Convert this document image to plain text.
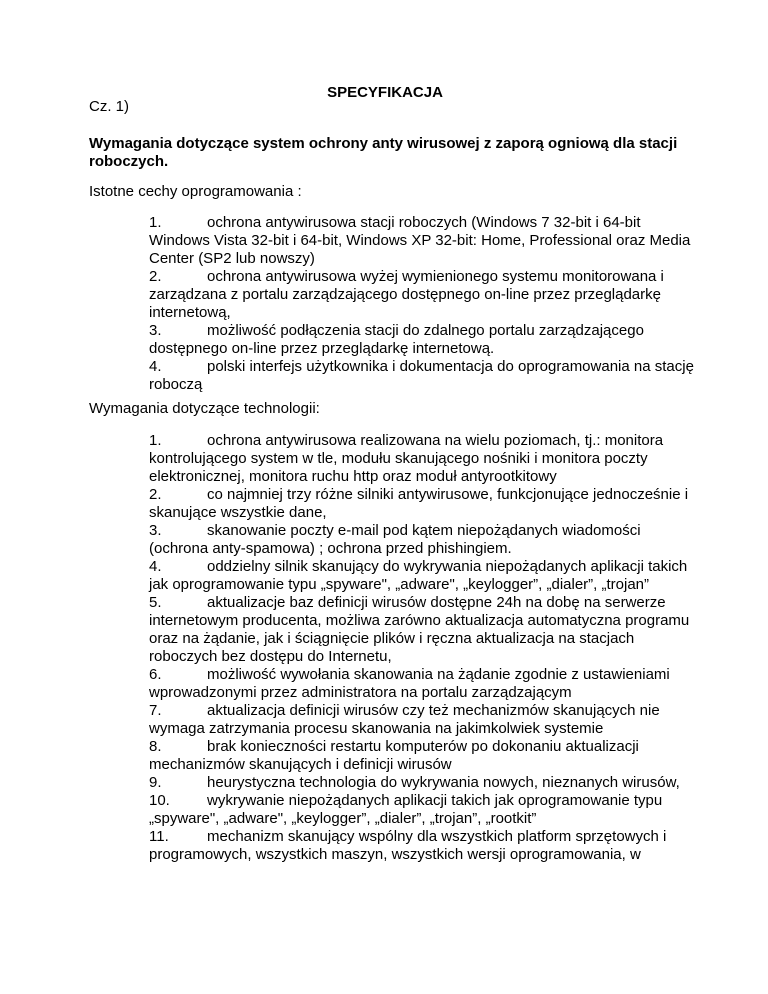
SPECYFIKACJA
Cz. 1)
Wymagania dotyczące system ochrony anty wirusowej z zaporą ogniową dla stacji roboczych.
Istotne cechy oprogramowania :

1.	ochrona antywirusowa stacji roboczych (Windows 7 32-bit i 64-bit Windows Vista 32-bit i 64-bit, Windows XP 32-bit: Home, Professional oraz Media Center (SP2 lub nowszy)

2.	ochrona antywirusowa wyżej wymienionego systemu monitorowana i zarządzana z portalu zarządzającego dostępnego on-line przez przeglądarkę internetową,

3.	możliwość podłączenia stacji do zdalnego portalu zarządzającego dostępnego on-line przez przeglądarkę internetową.

4.	polski interfejs użytkownika i dokumentacja do oprogramowania na stację roboczą

Wymagania dotyczące technologii:

1.	ochrona antywirusowa realizowana na wielu poziomach, tj.: monitora kontrolującego system w tle, modułu skanującego nośniki i monitora poczty elektronicznej, monitora ruchu http oraz moduł antyrootkitowy

2.	co najmniej trzy różne silniki antywirusowe, funkcjonujące jednocześnie i skanujące wszystkie dane,

3.	skanowanie poczty e-mail pod kątem niepożądanych wiadomości (ochrona anty-spamowa) ; ochrona przed phishingiem.

4.	oddzielny silnik skanujący do wykrywania niepożądanych aplikacji takich jak oprogramowanie typu „spyware", „adware", „keylogger”, „dialer”, „trojan”

5.	aktualizacje baz definicji wirusów dostępne 24h na dobę na serwerze internetowym producenta, możliwa zarówno aktualizacja automatyczna programu oraz na żądanie, jak i ściągnięcie plików i ręczna aktualizacja na stacjach roboczych bez dostępu do Internetu,

6.	możliwość wywołania skanowania na żądanie zgodnie z ustawieniami wprowadzonymi przez administratora na portalu zarządzającym

7.	aktualizacja definicji wirusów czy też mechanizmów skanujących nie wymaga zatrzymania procesu skanowania na jakimkolwiek systemie

8.	brak konieczności restartu komputerów po dokonaniu aktualizacji mechanizmów skanujących i definicji wirusów

9.	heurystyczna technologia do wykrywania nowych, nieznanych wirusów,

10. wykrywanie niepożądanych aplikacji takich jak oprogramowanie typu „spyware", „adware", „keylogger”, „dialer”, „trojan”, „rootkit”

11.	mechanizm skanujący wspólny dla wszystkich platform sprzętowych i programowych, wszystkich maszyn, wszystkich wersji oprogramowania, w
